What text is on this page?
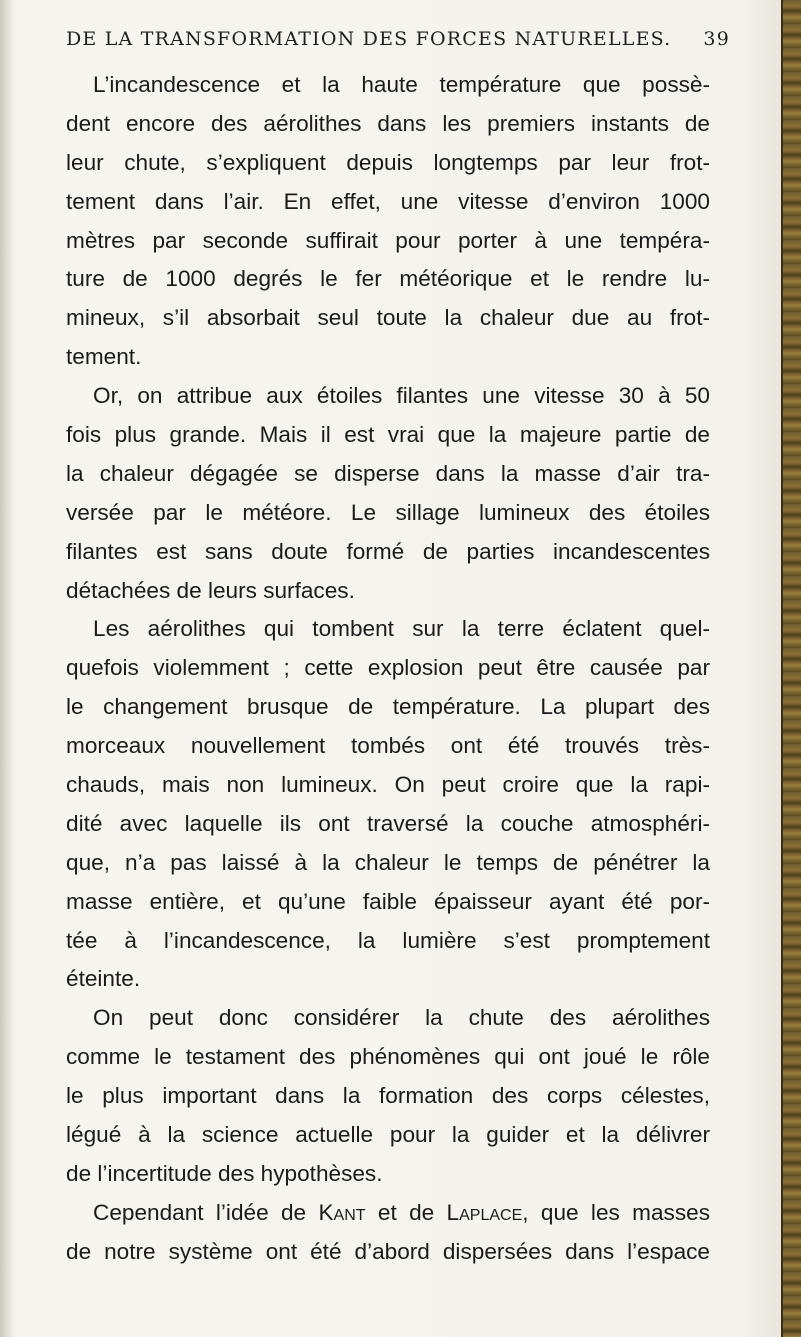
DE LA TRANSFORMATION DES FORCES NATURELLES. 39
L’incandescence et la haute température que possè-
dent encore des aérolithes dans les premiers instants de
leur chute, s’expliquent depuis longtemps par leur frot-
tement dans l’air. En effet, une vitesse d’environ 1000
mètres par seconde suffirait pour porter à une tempéra-
ture de 1000 degrés le fer météorique et le rendre lu-
mineux, s’il absorbait seul toute la chaleur due au frot-
tement.
Or, on attribue aux étoiles filantes une vitesse 30 à 50
fois plus grande. Mais il est vrai que la majeure partie de
la chaleur dégagée se disperse dans la masse d’air tra-
versée par le météore. Le sillage lumineux des étoiles
filantes est sans doute formé de parties incandescentes
détachées de leurs surfaces.
Les aérolithes qui tombent sur la terre éclatent quel-
quefois violemment ; cette explosion peut être causée par
le changement brusque de température. La plupart des
morceaux nouvellement tombés ont été trouvés très-
chauds, mais non lumineux. On peut croire que la rapi-
dité avec laquelle ils ont traversé la couche atmosphéri-
que, n’a pas laissé à la chaleur le temps de pénétrer la
masse entière, et qu’une faible épaisseur ayant été por-
tée à l’incandescence, la lumière s’est promptement
éteinte.
On peut donc considérer la chute des aérolithes
comme le testament des phénomènes qui ont joué le rôle
le plus important dans la formation des corps célestes,
légué à la science actuelle pour la guider et la délivrer
de l’incertitude des hypothèses.
Cependant l’idée de Kant et de Laplace, que les masses
de notre système ont été d’abord dispersées dans l’espace
